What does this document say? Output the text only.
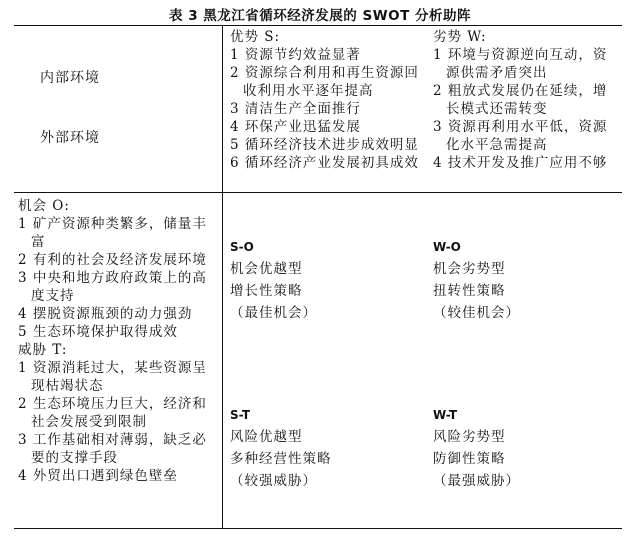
表 3 黑龙江省循环经济发展的 SWOT 分析助阵
内部环境
外部环境
优势 S:
1 资源节约效益显著
2 资源综合利用和再生资源回
收利用水平逐年提高
3 清洁生产全面推行
4 环保产业迅猛发展
5 循环经济技术进步成效明显
6 循环经济产业发展初具成效
劣势 W:
1 环境与资源逆向互动，资
源供需矛盾突出
2 粗放式发展仍在延续，增
长模式还需转变
3 资源再利用水平低，资源
化水平急需提高
4 技术开发及推广应用不够
机会 O:
1 矿产资源种类繁多，储量丰
富
2 有利的社会及经济发展环境
3 中央和地方政府政策上的高
度支持
4 摆脱资源瓶颈的动力强劲
5 生态环境保护取得成效
威胁 T:
1 资源消耗过大，某些资源呈
现枯竭状态
2 生态环境压力巨大，经济和
社会发展受到限制
3 工作基础相对薄弱，缺乏必
要的支撑手段
4 外贸出口遇到绿色壁垒
S-O
机会优越型
增长性策略
（最佳机会）
W-O
机会劣势型
扭转性策略
（较佳机会）
S-T
风险优越型
多种经营性策略
（较强威胁）
W-T
风险劣势型
防御性策略
（最强威胁）
